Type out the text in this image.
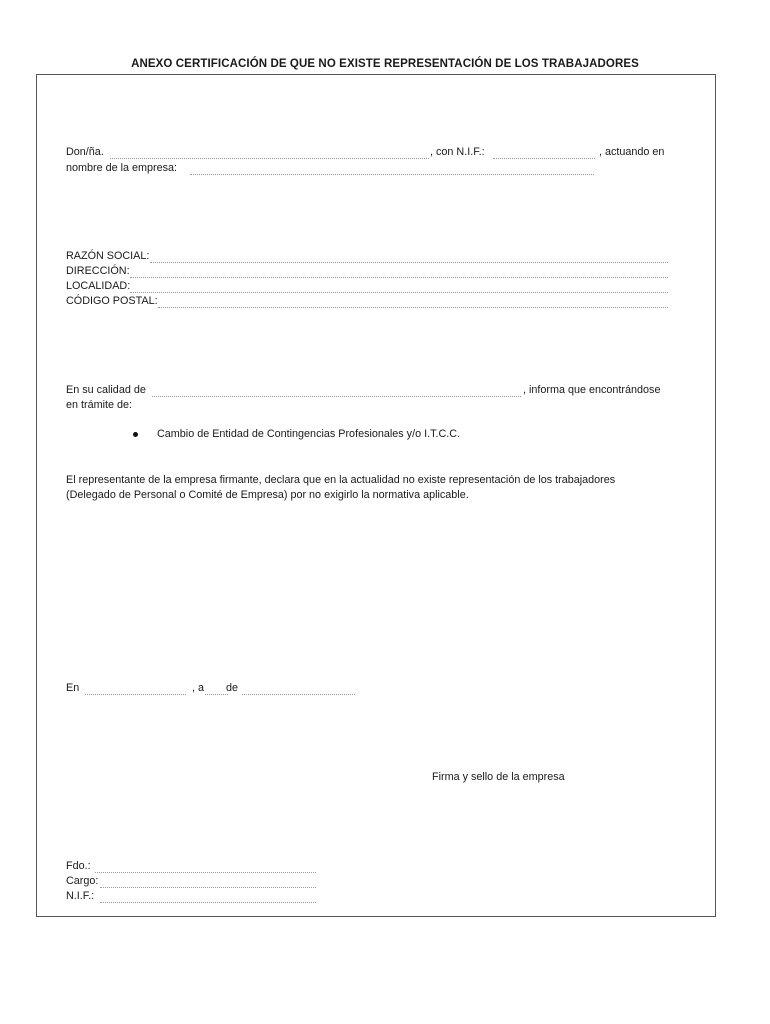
ANEXO CERTIFICACIÓN DE QUE NO EXISTE REPRESENTACIÓN DE LOS TRABAJADORES
Don/ña.	, con N.I.F.:	, actuando en
nombre de la empresa:
RAZÓN SOCIAL:
DIRECCIÓN:
LOCALIDAD:
CÓDIGO POSTAL:
En su calidad de	, informa que encontrándose
en trámite de:
Cambio de Entidad de Contingencias Profesionales y/o I.T.C.C.
El representante de la empresa firmante, declara que en la actualidad no existe representación de los trabajadores
(Delegado de Personal o Comité de Empresa) por no exigirlo la normativa aplicable.
En	, a de
Firma y sello de la empresa
Fdo.:
Cargo:
N.I.F.:
